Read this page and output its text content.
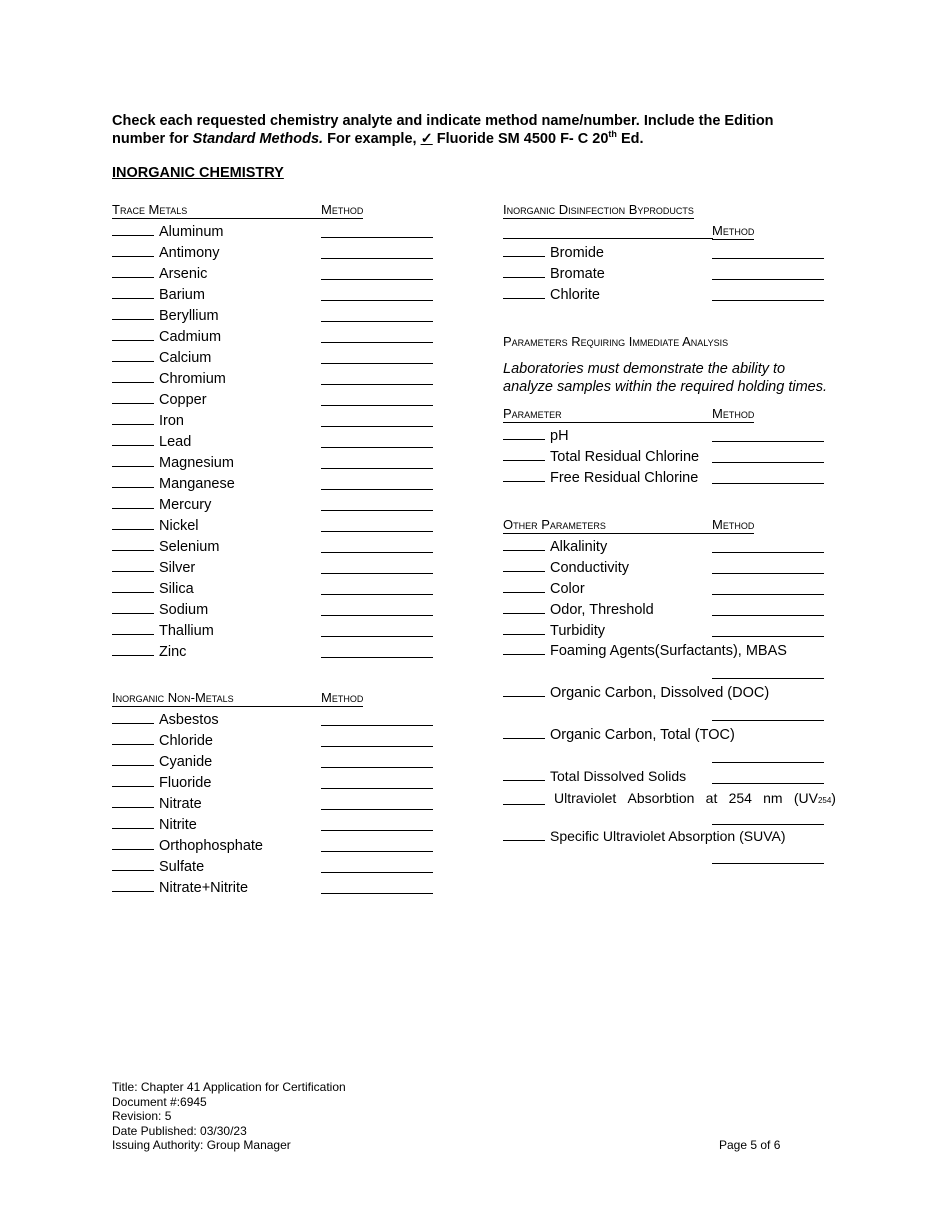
Check each requested chemistry analyte and indicate method name/number. Include the Edition
number for Standard Methods. For example, ✓ Fluoride SM 4500 F- C 20th Ed.
INORGANIC CHEMISTRY
Trace Metals	Method
Aluminum
Antimony
Arsenic
Barium
Beryllium
Cadmium
Calcium
Chromium
Copper
Iron
Lead
Magnesium
Manganese
Mercury
Nickel
Selenium
Silver
Silica
Sodium
Thallium
Zinc
Inorganic Non-Metals	Method
Asbestos
Chloride
Cyanide
Fluoride
Nitrate
Nitrite
Orthophosphate
Sulfate
Nitrate+Nitrite
Inorganic Disinfection Byproducts
Method
Bromide
Bromate
Chlorite
Parameters Requiring Immediate Analysis
Laboratories must demonstrate the ability to
analyze samples within the required holding times.
Parameter	Method
pH
Total Residual Chlorine
Free Residual Chlorine
Other Parameters	Method
Alkalinity
Conductivity
Color
Odor, Threshold
Turbidity
Foaming Agents(Surfactants), MBAS
Organic Carbon, Dissolved (DOC)
Organic Carbon, Total (TOC)
Total Dissolved Solids

Ultraviolet Absorbtion at 254 nm (UV254)
Specific Ultraviolet Absorption (SUVA)
Title: Chapter 41 Application for Certification
Document #:6945
Revision: 5
Date Published: 03/30/23
Issuing Authority: Group Manager	Page 5 of 6
